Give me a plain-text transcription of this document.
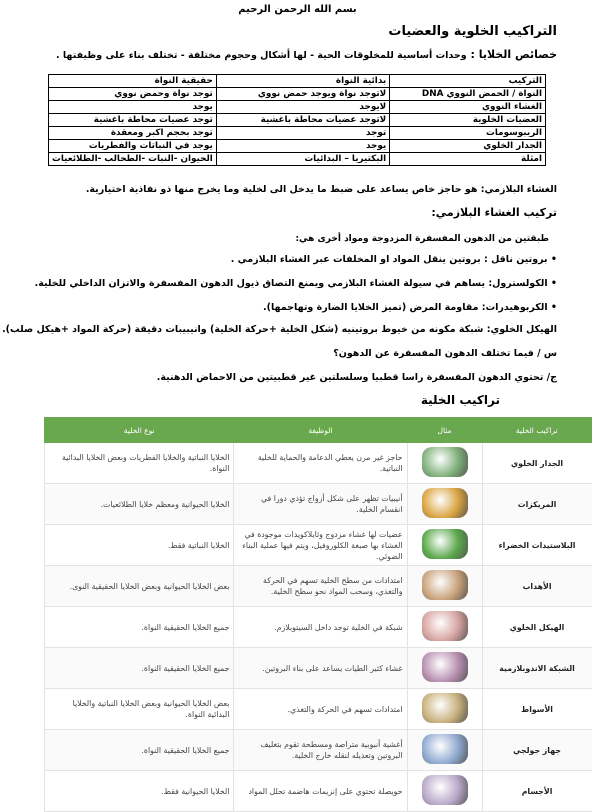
بسم الله الرحمن الرحيم
التراكيب الخلوية والعضيات
خصائص الخلايا : وحدات أساسية للمخلوقات الحية - لها أشكال وحجوم مختلفة - تختلف بناء على وظيفتها .
التركيب	بدائية النواة	حقيقية النواة
النواة / الحمض النووي DNA	لاتوجد نواة ويوجد حمض نووي	توجد نواة وحمض نووي
الغشاء النووي	لايوجد	يوجد
العضيات الخلوية	لاتوجد عضيات محاطة باغشية	توجد عضيات محاطة باغشية
الريبوسومات	توجد	توجد بحجم اكبر ومعقدة
الجدار الخلوي	يوجد	يوجد في النباتات والفطريات
امثلة	البكتيريا – البدائيات	الحيوان -النبات -الطحالب -الطلائعيات
الغشاء البلازمي: هو حاجز خاص يساعد على ضبط ما يدخل الى لخلية وما يخرج منها ذو نفاذية اختيارية.
تركيب الغشاء البلازمي:
طبقتين من الدهون المفسفرة المزدوجة ومواد أخرى هي:
• بروتين ناقل : بروتين ينقل المواد او المخلفات عبر الغشاء البلازمي .
• الكولسترول: يساهم في سيولة الغشاء البلازمي ويمنع التصاق ذيول الدهون المفسفرة والاتزان الداخلي للخلية.
• الكربوهيدرات: مقاومة المرض (تميز الخلايا الضارة وتهاجمها).
الهيكل الخلوي: شبكة مكونه من خيوط بروتينيه (شكل الخلية +حركة الخلية) وانيبيبات دقيقة (حركة المواد +هيكل صلب).
س / فيما تختلف الدهون المفسفرة عن الدهون؟
ج/ تحتوي الدهون المفسفرة راسا قطبيا وسلسلتين غير قطبيتين من الاحماض الدهنية.
تراكيب الخلية
تراكيب الخلية	مثال	الوظيفة	نوع الخلية
الجدار الخلوي		حاجز غير مرن يعطي الدعامة والحماية للخلية النباتية.	الخلايا النباتية والخلايا الفطريات وبعض الخلايا البدائية النواة.
المريكزات		أنيبيات تظهر على شكل أزواج تؤدي دورا في انقسام الخلية.	الخلايا الحيوانية ومعظم خلايا الطلائعيات.
البلاستيدات الخضراء		عضيات لها غشاء مزدوج وثايلاكويدات موجودة في الغشاء بها صبغة الكلوروفيل، ويتم فيها عملية البناء الضوئي.	الخلايا النباتية فقط.
الأهداب		امتدادات من سطح الخلية تسهم في الحركة والتغذي، وسحب المواد نحو سطح الخلية.	بعض الخلايا الحيوانية وبعض الخلايا الحقيقية النوى.
الهيكل الخلوي		شبكة في الخلية توجد داخل السيتوبلازم.	جميع الخلايا الحقيقية النواة.
الشبكة الاندوبلازمية		غشاء كثير الطيات يساعد على بناء البروتين.	جميع الخلايا الحقيقية النواة.
الأسواط		امتدادات تسهم في الحركة والتغذي.	بعض الخلايا الحيوانية وبعض الخلايا النباتية والخلايا البدائية النواة.
جهاز جولجي		أغشية أنبوبية متراصة ومسطحة تقوم بتغليف البروتين وتعديله لنقله خارج الخلية.	جميع الخلايا الحقيقية النواة.
الأجسام		حويصلة تحتوي على إنزيمات هاضمة تحلل المواد	الخلايا الحيوانية فقط.
